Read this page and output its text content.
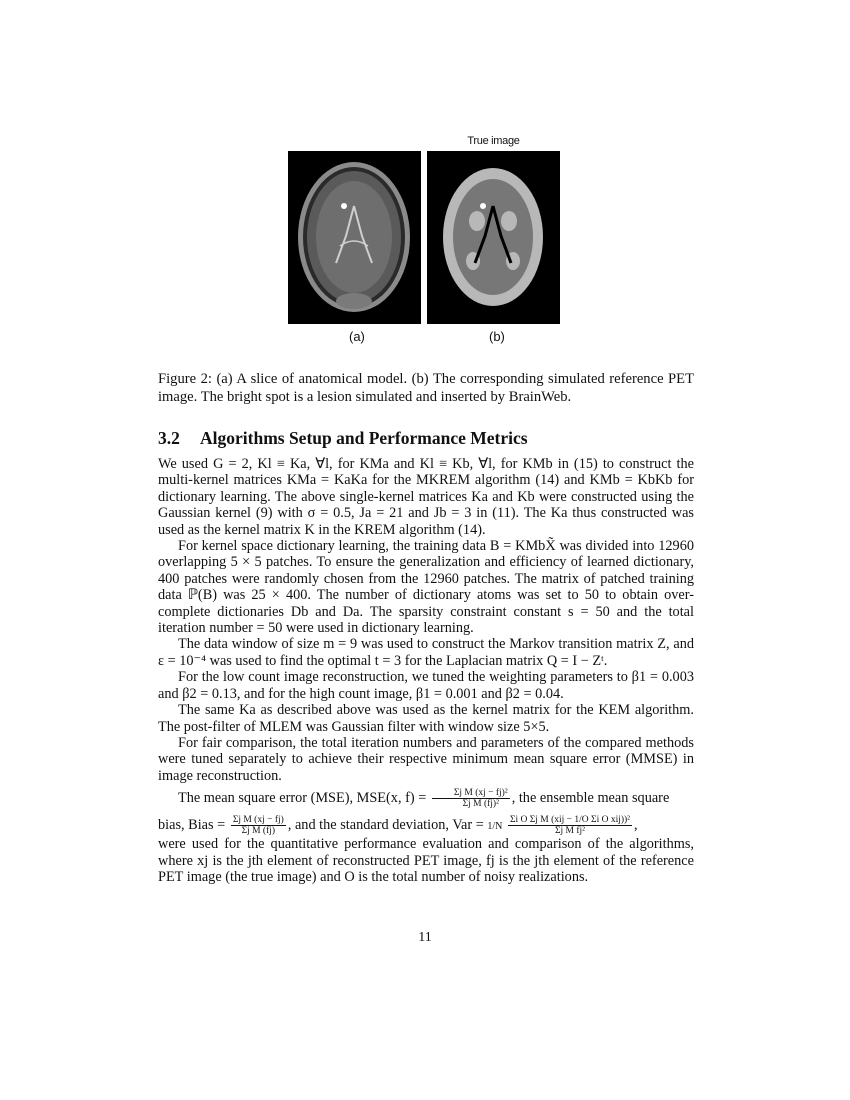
True image
(a)	(b)
Figure 2: (a) A slice of anatomical model. (b) The corresponding simulated reference PET image. The bright spot is a lesion simulated and inserted by BrainWeb.
3.2 Algorithms Setup and Performance Metrics

We used G = 2, Kl ≡ Ka, ∀l, for KMa and Kl ≡ Kb, ∀l, for KMb in (15) to construct the multi-kernel matrices KMa = KaKa for the MKREM algorithm (14) and KMb = KbKb for dictionary learning. The above single-kernel matrices Ka and Kb were constructed using the Gaussian kernel (9) with σ = 0.5, Ja = 21 and Jb = 3 in (11). The Ka thus constructed was used as the kernel matrix K in the KREM algorithm (14).

For kernel space dictionary learning, the training data B = KMbX̃ was divided into 12960 overlapping 5 × 5 patches. To ensure the generalization and efficiency of learned dictionary, 400 patches were randomly chosen from the 12960 patches. The matrix of patched training data ℙ(B) was 25 × 400. The number of dictionary atoms was set to 50 to obtain over-complete dictionaries Db and Da. The sparsity constraint constant s = 50 and the total iteration number = 50 were used in dictionary learning.

The data window of size m = 9 was used to construct the Markov transition matrix Z, and ε = 10⁻⁴ was used to find the optimal t = 3 for the Laplacian matrix Q = I − Zᵗ.

For the low count image reconstruction, we tuned the weighting parameters to β1 = 0.003 and β2 = 0.13, and for the high count image, β1 = 0.001 and β2 = 0.04.

The same Ka as described above was used as the kernel matrix for the KEM algorithm. The post-filter of MLEM was Gaussian filter with window size 5×5.

For fair comparison, the total iteration numbers and parameters of the compared methods were tuned separately to achieve their respective minimum mean square error (MMSE) in image reconstruction.

The mean square error (MSE), MSE(x, $f) = \frac{\text{Σj M (xj − fj)²}}{\text{Σj M (fj)²}}$ , the ensemble mean square

bias, Bias = $\frac{\text{Σj M (xj − fj)}}{\text{Σj M (fj)}}$ , and the standard deviation, Var = $1/N \frac{\text{Σi O Σj M (xij − 1/O Σi O xij))²}}{\text{Σj M fj²}}$ ,

were used for the quantitative performance evaluation and comparison of the algorithms, where xj is the jth element of reconstructed PET image, fj is the jth element of the reference PET image (the true image) and O is the total number of noisy realizations.

11
